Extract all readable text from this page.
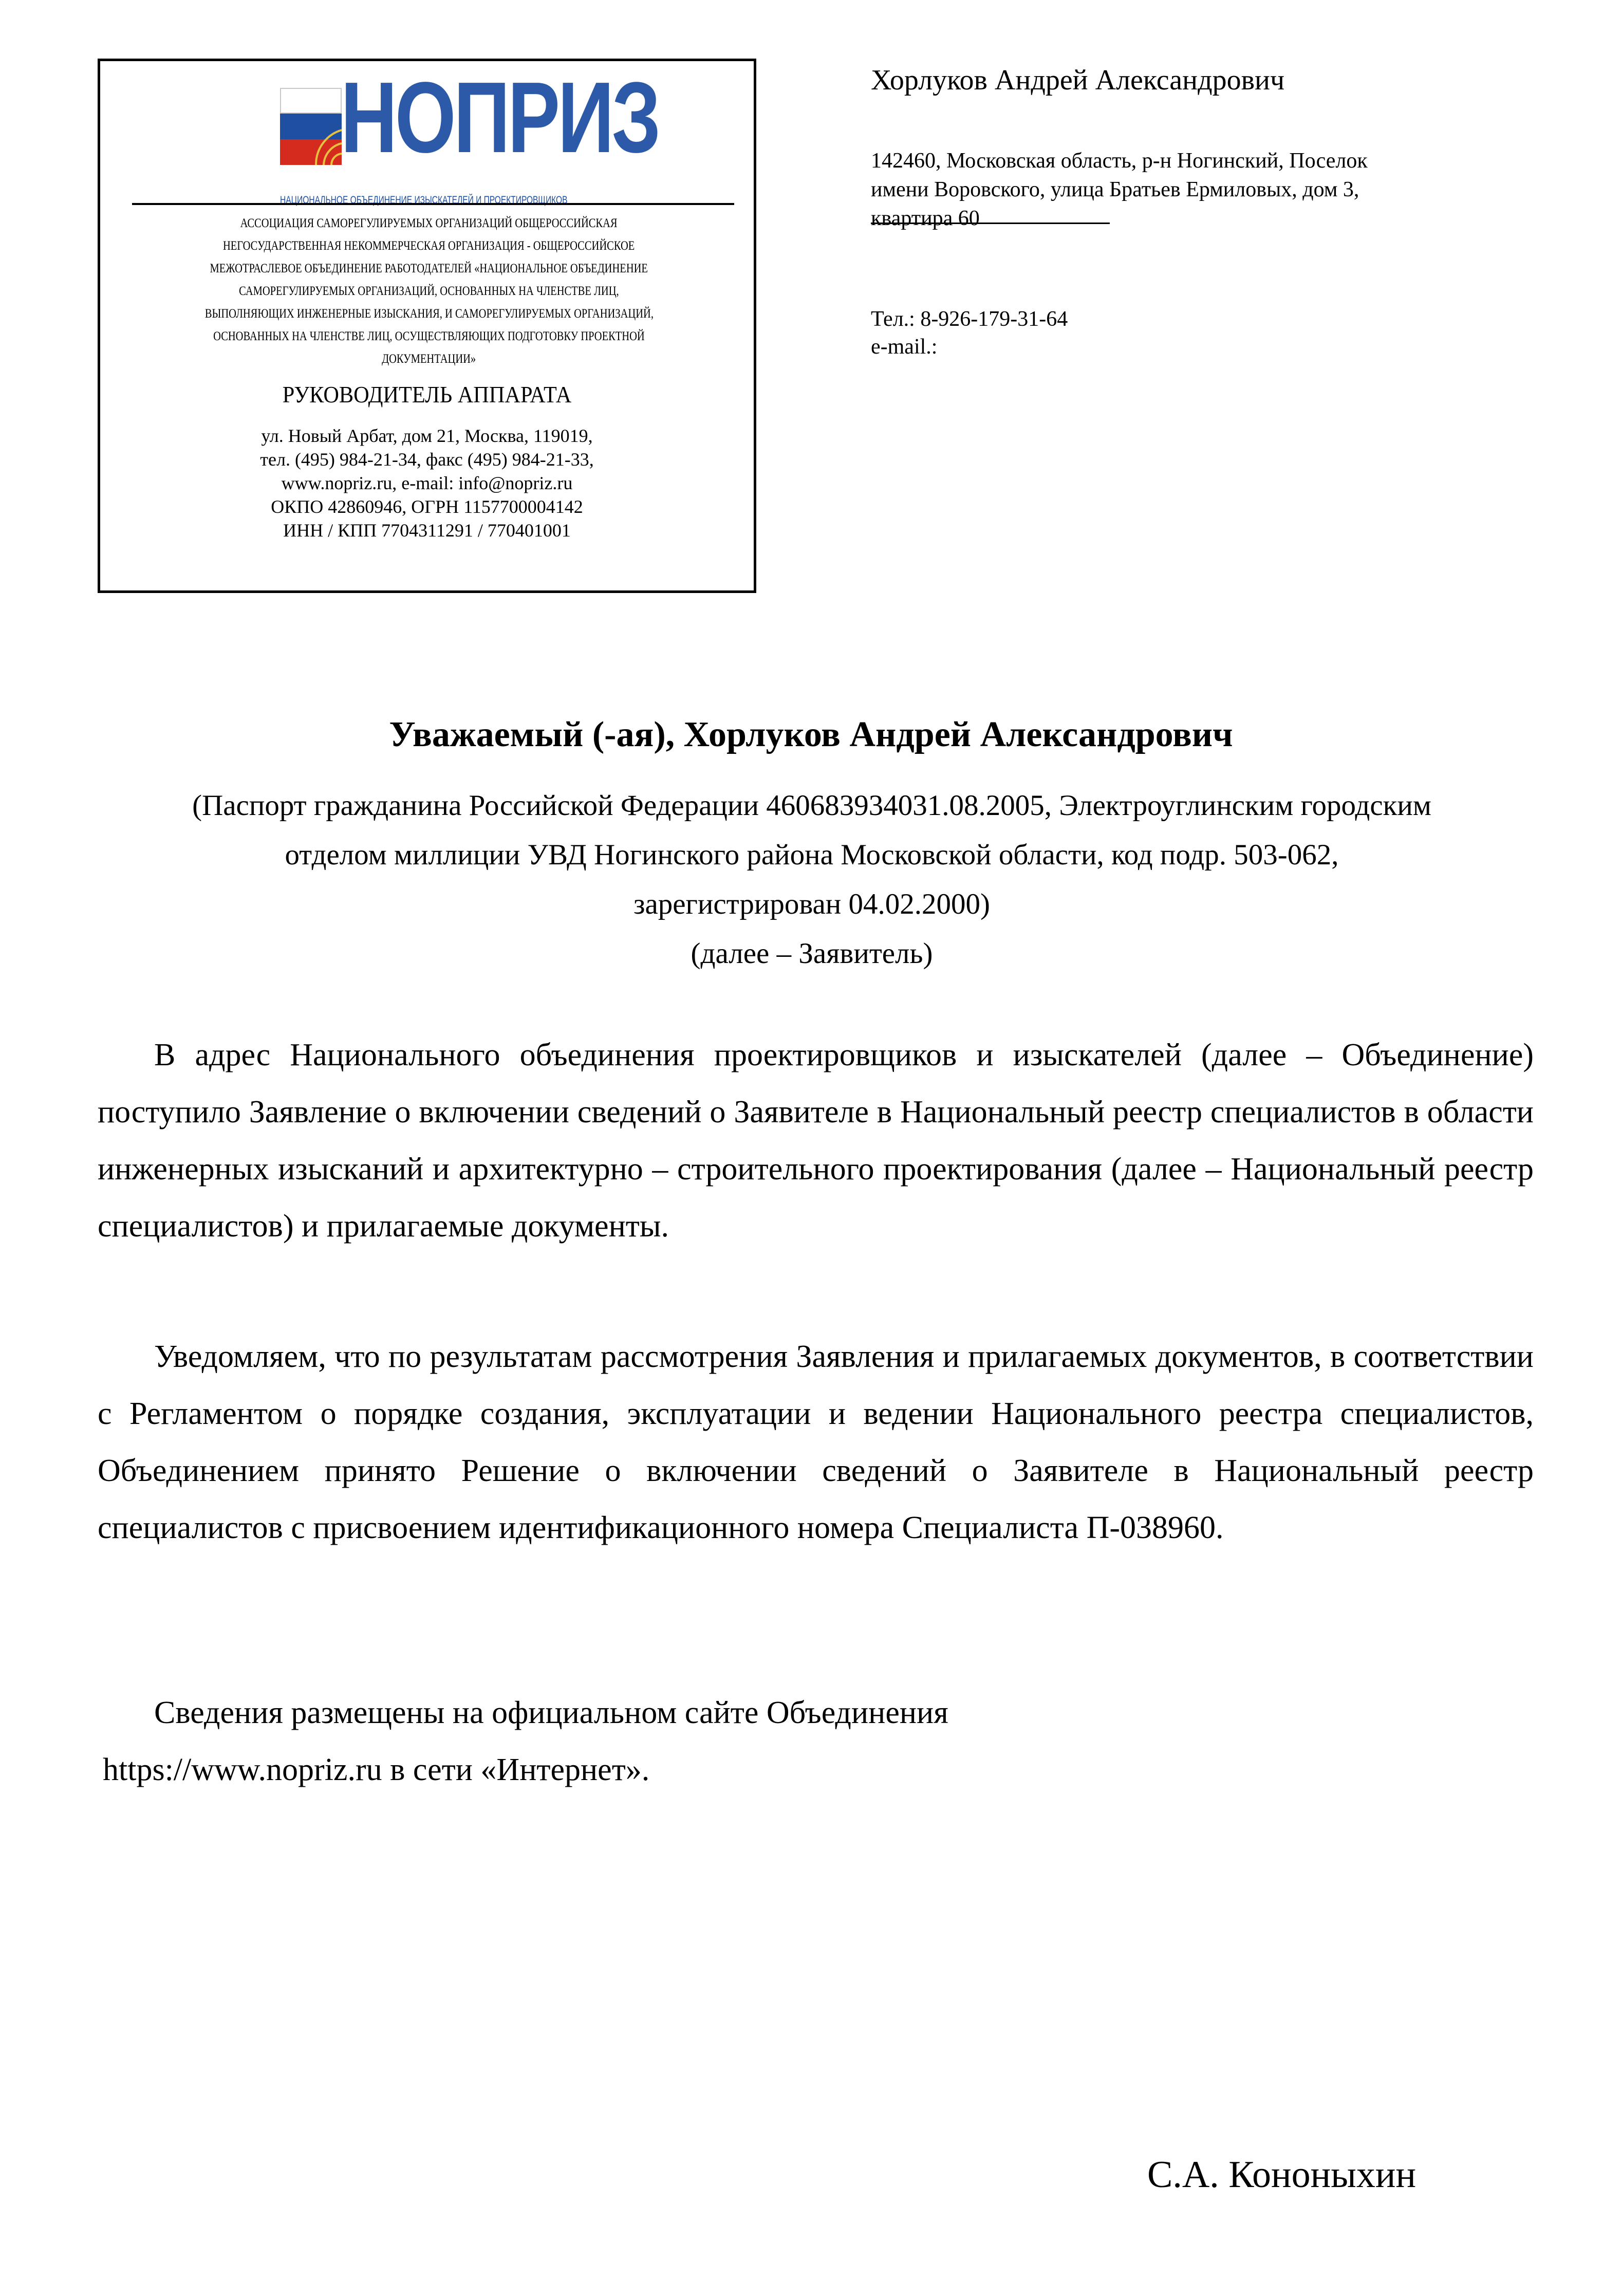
НОПРИЗ
НАЦИОНАЛЬНОЕ ОБЪЕДИНЕНИЕ ИЗЫСКАТЕЛЕЙ И ПРОЕКТИРОВЩИКОВ
АССОЦИАЦИЯ САМОРЕГУЛИРУЕМЫХ ОРГАНИЗАЦИЙ ОБЩЕРОССИЙСКАЯ
НЕГОСУДАРСТВЕННАЯ НЕКОММЕРЧЕСКАЯ ОРГАНИЗАЦИЯ - ОБЩЕРОССИЙСКОЕ
МЕЖОТРАСЛЕВОЕ ОБЪЕДИНЕНИЕ РАБОТОДАТЕЛЕЙ «НАЦИОНАЛЬНОЕ ОБЪЕДИНЕНИЕ
САМОРЕГУЛИРУЕМЫХ ОРГАНИЗАЦИЙ, ОСНОВАННЫХ НА ЧЛЕНСТВЕ ЛИЦ,
ВЫПОЛНЯЮЩИХ ИНЖЕНЕРНЫЕ ИЗЫСКАНИЯ, И САМОРЕГУЛИРУЕМЫХ ОРГАНИЗАЦИЙ,
ОСНОВАННЫХ НА ЧЛЕНСТВЕ ЛИЦ, ОСУЩЕСТВЛЯЮЩИХ ПОДГОТОВКУ ПРОЕКТНОЙ
ДОКУМЕНТАЦИИ»
РУКОВОДИТЕЛЬ АППАРАТА
ул. Новый Арбат, дом 21, Москва, 119019,
тел. (495) 984-21-34, факс (495) 984-21-33,
www.nopriz.ru, e-mail: info@nopriz.ru
ОКПО 42860946, ОГРН 1157700004142
ИНН / КПП 7704311291 / 770401001
Хорлуков Андрей Александрович
142460, Московская область, р-н Ногинский, Поселок
имени Воровского, улица Братьев Ермиловых, дом 3,
квартира 60
Тел.: 8-926-179-31-64
e-mail.:
Уважаемый (-ая), Хорлуков Андрей Александрович
(Паспорт гражданина Российской Федерации 460683934031.08.2005, Электроуглинским городским
отделом миллиции УВД Ногинского района Московской области, код подр. 503-062,
зарегистрирован 04.02.2000)
(далее – Заявитель)
В адрес Национального объединения проектировщиков и изыскателей (далее – Объединение) поступило Заявление о включении сведений о Заявителе в Национальный реестр специалистов в области инженерных изысканий и архитектурно – строительного проектирования (далее – Национальный реестр специалистов) и прилагаемые документы.
Уведомляем, что по результатам рассмотрения Заявления и прилагаемых документов, в соответствии с Регламентом о порядке создания, эксплуатации и ведении Национального реестра специалистов, Объединением принято Решение о включении сведений о Заявителе в Национальный реестр специалистов с присвоением идентификационного номера Специалиста П-038960.
Сведения размещены на официальном сайте Объединения
https://www.nopriz.ru в сети «Интернет».
С.А. Кононыхин
